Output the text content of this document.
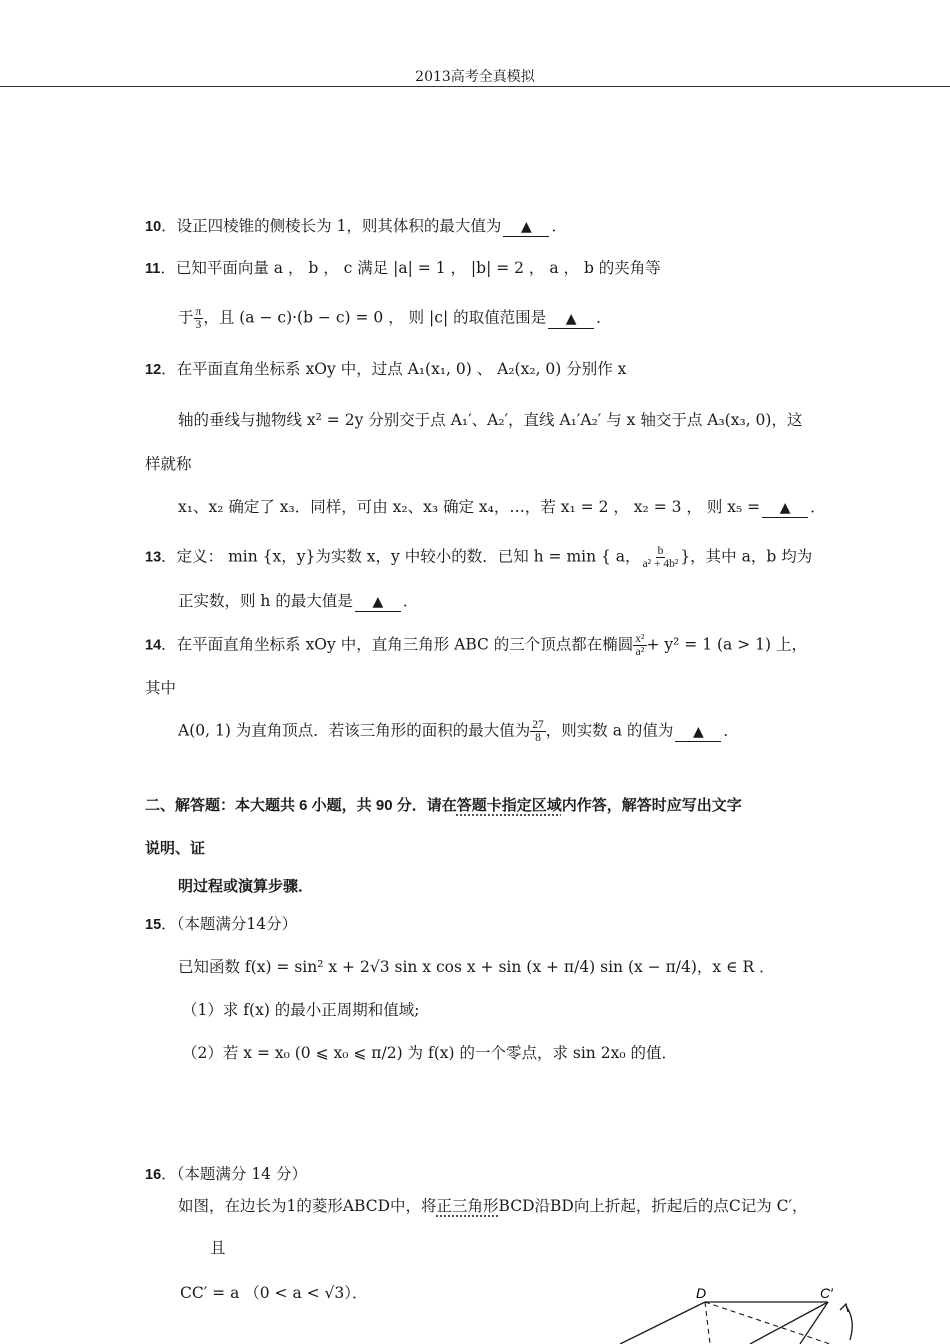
2013高考全真模拟
10．设正四棱锥的侧棱长为 1，则其体积的最大值为 ▲ ．
11．已知平面向量 a ， b ， c 满足 |a| = 1 ， |b| = 2 ， a ， b 的夹角等
于 $\frac{\pi}{3}$ ，且 (a − c)·(b − c) = 0 ， 则 |c| 的取值范围是 ▲ ．
12．在平面直角坐标系 xOy 中，过点 A₁(x₁, 0) 、 A₂(x₂, 0) 分别作 x
轴的垂线与抛物线 x² = 2y 分别交于点 A₁′、A₂′，直线 A₁′A₂′ 与 x 轴交于点 A₃(x₃, 0)，这
样就称
x₁、x₂ 确定了 x₃．同样，可由 x₂、x₃ 确定 x₄，…，若 x₁ = 2 ， x₂ = 3 ， 则 x₅ = ▲ ．
13．定义： min {x，y}为实数 x，y 中较小的数．已知 h = min { a， $\frac{b}{\text{a² + 4b²}}$ }，其中 a，b 均为
正实数，则 h 的最大值是 ▲ ．
14．在平面直角坐标系 xOy 中，直角三角形 ABC 的三个顶点都在椭圆 $\frac{\text{x²}}{\text{a²}} + y^2 = 1$ (a > 1) 上，
其中
A(0, 1) 为直角顶点．若该三角形的面积的最大值为 $\frac{27}{8}$ ，则实数 a 的值为 ▲ ．
二、解答题：本大题共 6 小题，共 90 分．请在答题卡指定区域内作答，解答时应写出文字
说明、证
明过程或演算步骤．
15．（本题满分14分）
已知函数 f(x) = sin² x + 2√3 sin x cos x + sin (x + π/4) sin (x − π/4)，x ∈ R ．
（1）求 f(x) 的最小正周期和值域;
（2）若 x = x₀ (0 ⩽ x₀ ⩽ π/2) 为 f(x) 的一个零点，求 sin 2x₀ 的值．
16．（本题满分 14 分）
如图，在边长为1的菱形ABCD中，将正三角形BCD沿BD向上折起，折起后的点C记为 C′，
且
CC′ = a （0 < a < √3）．	D	C′
